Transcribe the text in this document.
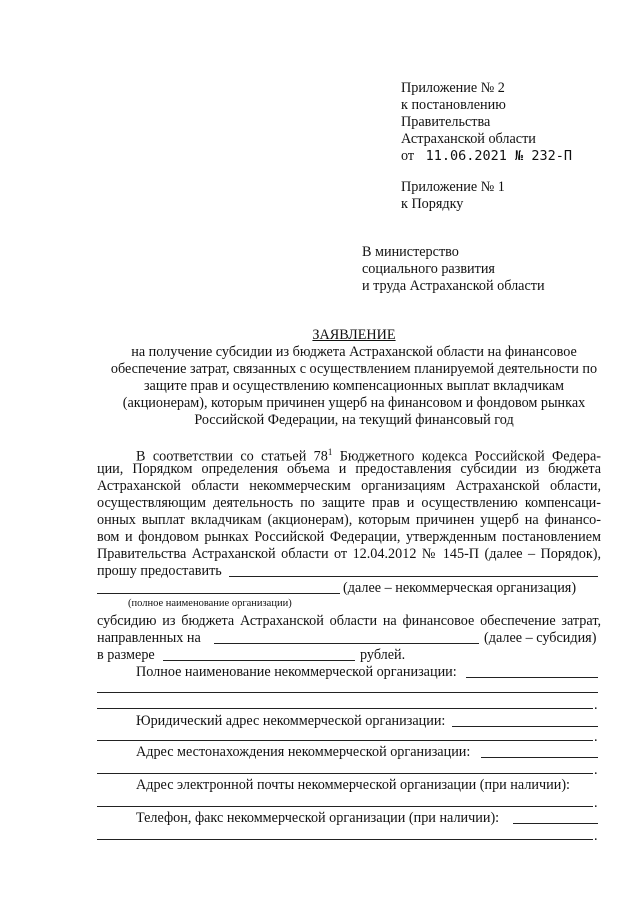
Приложение № 2
к постановлению
Правительства
Астраханской области
от 11.06.2021 № 232-П
Приложение № 1
к Порядку
В министерство
социального развития
и труда Астраханской области
ЗАЯВЛЕНИЕ
на получение субсидии из бюджета Астраханской области на финансовое
обеспечение затрат, связанных с осуществлением планируемой деятельности по
защите прав и осуществлению компенсационных выплат вкладчикам
(акционерам), которым причинен ущерб на финансовом и фондовом рынках
Российской Федерации, на текущий финансовый год
В соответствии со статьей $78^1$ Бюджетного кодекса Российской Федера-
ции, Порядком определения объема и предоставления субсидии из бюджета
Астраханской области некоммерческим организациям Астраханской области,
осуществляющим деятельность по защите прав и осуществлению компенсаци-
онных выплат вкладчикам (акционерам), которым причинен ущерб на финансо-
вом и фондовом рынках Российской Федерации, утвержденным постановлением
Правительства Астраханской области от 12.04.2012 № 145-П (далее – Порядок),
прошу предоставить
(далее – некоммерческая организация)
(полное наименование организации)
субсидию из бюджета Астраханской области на финансовое обеспечение затрат,
направленных на	(далее – субсидия)
в размере	рублей.
Полное наименование некоммерческой организации:
.
Юридический адрес некоммерческой организации:
.
Адрес местонахождения некоммерческой организации:
.
Адрес электронной почты некоммерческой организации (при наличии):
.
Телефон, факс некоммерческой организации (при наличии):
.
